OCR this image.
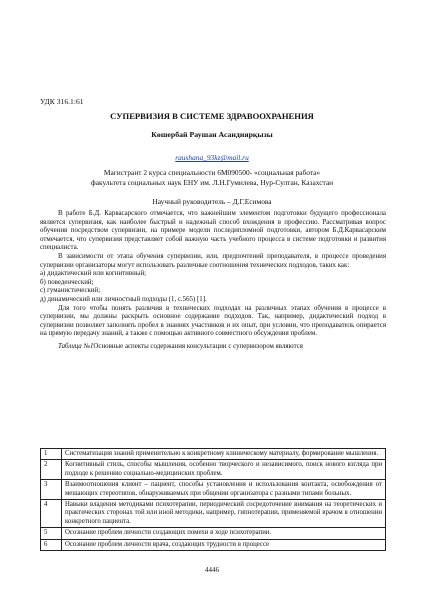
УДК 316.1:61
СУПЕРВИЗИЯ В СИСТЕМЕ ЗДРАВООХРАНЕНИЯ
Көшербай Раушан Асандиярқызы
raushana_93kz@mail.ru
Магистрант 2 курса специальности 6M090500- «социальная работа»
факультета социальных наук ЕНУ им. Л.Н.Гумилева, Нур-Султан, Казахстан
Научный руководитель – Д.Г.Есимова

В работе Б.Д. Карвасарского отмечается, что важнейшим элементом подготовки будущего профессионала является супервизия, как наиболее быстрый и надежный способ вхождения в профессию. Рассматривая вопрос обучения посредством супервизии, на примере модели последипломной подготовки, автором Б.Д.Карвасарским отмечается, что супервизия представляет собой важную часть учебного процесса в системе подготовки и развития специалиста.

В зависимости от этапа обучения супервизии, или, предпочтений преподавателя, в процессе проведения супервизии организаторы могут использовать различные соотношения технических подходов, таких как:

а) дидактический или когнитивный;

б) поведенческий;

с) гуманистический;

д) динамический или личностный подходы (1, с.565) [1].

Для того чтобы понять различия в технических подходах на различных этапах обучения в процессе в супервизии, мы должны раскрыть основное содержание подходов. Так, например, дидактический подход в супервизии позволяет заполнять пробел в знаниях участников и их опыт, при условии, что преподаватель опирается на прямую передачу знаний, а также с помощью активного совместного обсуждения проблем.

Таблица №1Основные аспекты содержания консультации с супервизором являются

1	Систематизация знаний применительно к конкретному клиническому материалу, формирование мышления.
2	Когнитивный стиль, способы мышления, особенно творческого и независимого, поиск нового взгляда при подходе к решению социально-медицинских проблем.
3	Взаимоотношения клиент – пациент, способы установления и использования контакта, освобождения от мешающих стереотипов, обнаруживаемых при общении организатора с разными типами больных.
4	Навыки владения методиками психотерапии, периодический сосредоточение внимания на теоретических и практических сторонах той или иной методики, например, гипнотерапии, применяемой врачом в отношении конкретного пациента.
5	Осознание проблем личности создающих помехи в ходе психотерапии.
6	Осознание проблем личности врача, создающих трудности в процессе
4446
